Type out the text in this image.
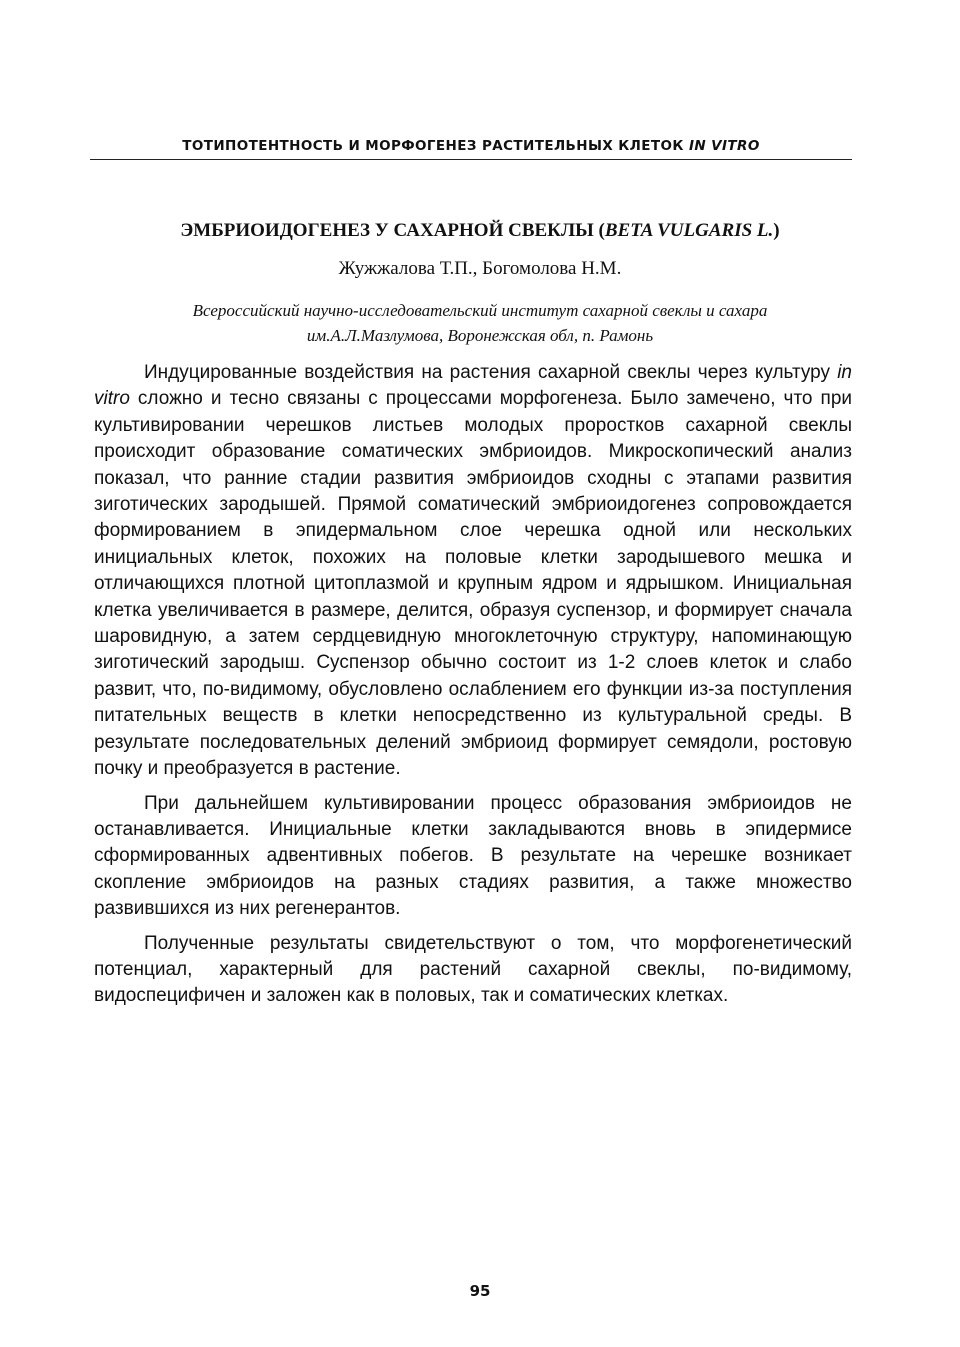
ТОТИПОТЕНТНОСТЬ И МОРФОГЕНЕЗ РАСТИТЕЛЬНЫХ КЛЕТОК IN VITRO
ЭМБРИОИДОГЕНЕЗ У САХАРНОЙ СВЕКЛЫ (BETA VULGARIS L.)
Жужжалова Т.П., Богомолова Н.М.
Всероссийский научно-исследовательский институт сахарной свеклы и сахара
им.А.Л.Мазлумова, Воронежская обл, п. Рамонь

Индуцированные воздействия на растения сахарной свеклы через культуру in vitro сложно и тесно связаны с процессами морфогенеза. Было замечено, что при культивировании черешков листьев молодых проростков сахарной свеклы происходит образование соматических эмбриоидов. Микроскопический анализ показал, что ранние стадии развития эмбриоидов сходны с этапами развития зиготических зародышей. Прямой соматический эмбриоидогенез сопровождается формированием в эпидермальном слое черешка одной или нескольких инициальных клеток, похожих на половые клетки зародышевого мешка и отличающихся плотной цитоплазмой и крупным ядром и ядрышком. Инициальная клетка увеличивается в размере, делится, образуя суспензор, и формирует сначала шаровидную, а затем сердцевидную многоклеточную структуру, напоминающую зиготический зародыш. Суспензор обычно состоит из 1-2 слоев клеток и слабо развит, что, по-видимому, обусловлено ослаблением его функции из-за поступления питательных веществ в клетки непосредственно из культуральной среды. В результате последовательных делений эмбриоид формирует семядоли, ростовую почку и преобразуется в растение.

При дальнейшем культивировании процесс образования эмбриоидов не останавливается. Инициальные клетки закладываются вновь в эпидермисе сформированных адвентивных побегов. В результате на черешке возникает скопление эмбриоидов на разных стадиях развития, а также множество развившихся из них регенерантов.

Полученные результаты свидетельствуют о том, что морфогенетический потенциал, характерный для растений сахарной свеклы, по-видимому, видоспецифичен и заложен как в половых, так и соматических клетках.

95
